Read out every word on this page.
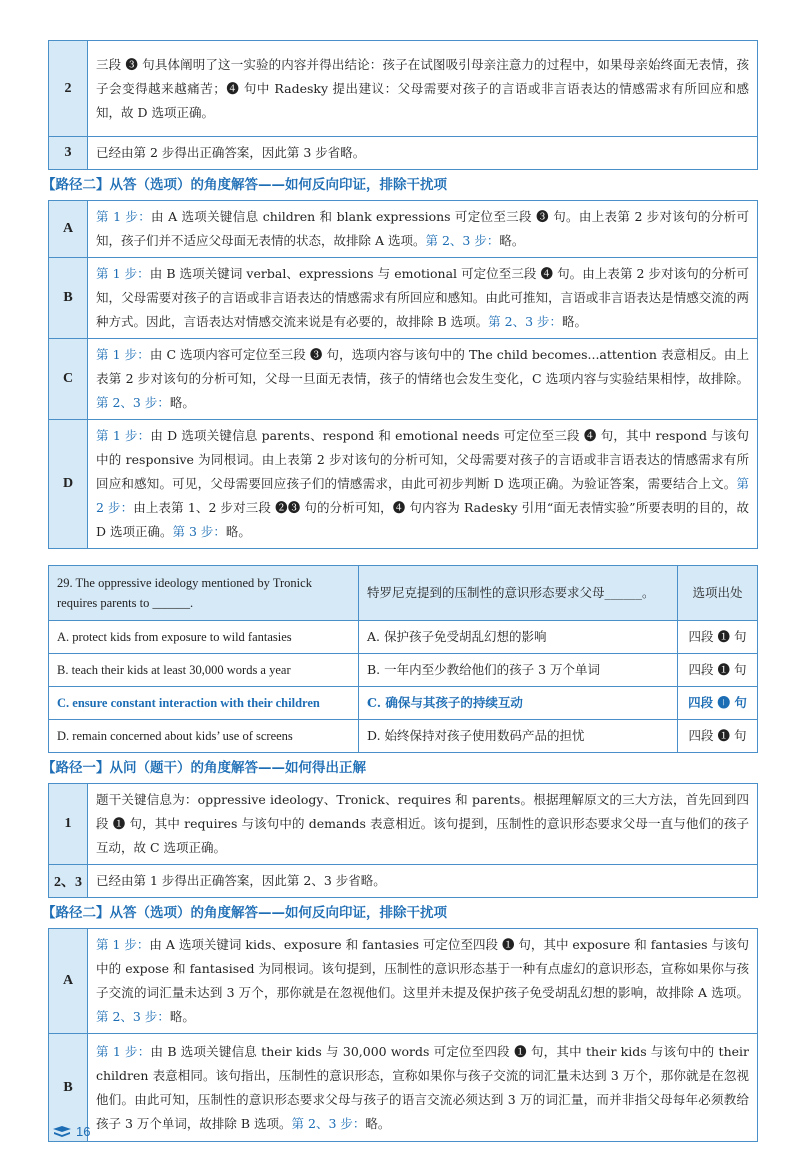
2	三段 ❸ 句具体阐明了这一实验的内容并得出结论：孩子在试图吸引母亲注意力的过程中，如果母亲始终面无表情，孩子会变得越来越痛苦；❹ 句中 Radesky 提出建议：父母需要对孩子的言语或非言语表达的情感需求有所回应和感知，故 D 选项正确。
3	已经由第 2 步得出正确答案，因此第 3 步省略。
【路径二】从答（选项）的角度解答——如何反向印证，排除干扰项
A	第 1 步：由 A 选项关键信息 children 和 blank expressions 可定位至三段 ❸ 句。由上表第 2 步对该句的分析可知，孩子们并不适应父母面无表情的状态，故排除 A 选项。第 2、3 步：略。
B	第 1 步：由 B 选项关键词 verbal、expressions 与 emotional 可定位至三段 ❹ 句。由上表第 2 步对该句的分析可知，父母需要对孩子的言语或非言语表达的情感需求有所回应和感知。由此可推知，言语或非言语表达是情感交流的两种方式。因此，言语表达对情感交流来说是有必要的，故排除 B 选项。第 2、3 步：略。
C	第 1 步：由 C 选项内容可定位至三段 ❸ 句，选项内容与该句中的 The child becomes...attention 表意相反。由上表第 2 步对该句的分析可知，父母一旦面无表情，孩子的情绪也会发生变化，C 选项内容与实验结果相悖，故排除。第 2、3 步：略。
D	第 1 步：由 D 选项关键信息 parents、respond 和 emotional needs 可定位至三段 ❹ 句，其中 respond 与该句中的 responsive 为同根词。由上表第 2 步对该句的分析可知，父母需要对孩子的言语或非言语表达的情感需求有所回应和感知。可见，父母需要回应孩子们的情感需求，由此可初步判断 D 选项正确。为验证答案，需要结合上文。第 2 步：由上表第 1、2 步对三段 ❷❸ 句的分析可知，❹ 句内容为 Radesky 引用“面无表情实验”所要表明的目的，故 D 选项正确。第 3 步：略。
29. The oppressive ideology mentioned by Tronick requires parents to ______.	特罗尼克提到的压制性的意识形态要求父母______。	选项出处
A. protect kids from exposure to wild fantasies	A. 保护孩子免受胡乱幻想的影响	四段 ❶ 句
B. teach their kids at least 30,000 words a year	B. 一年内至少教给他们的孩子 3 万个单词	四段 ❶ 句
C. ensure constant interaction with their children	C. 确保与其孩子的持续互动	四段 ❶ 句
D. remain concerned about kids’ use of screens	D. 始终保持对孩子使用数码产品的担忧	四段 ❶ 句
【路径一】从问（题干）的角度解答——如何得出正解
1	题干关键信息为：oppressive ideology、Tronick、requires 和 parents。根据理解原文的三大方法，首先回到四段 ❶ 句，其中 requires 与该句中的 demands 表意相近。该句提到，压制性的意识形态要求父母一直与他们的孩子互动，故 C 选项正确。
2、3	已经由第 1 步得出正确答案，因此第 2、3 步省略。
【路径二】从答（选项）的角度解答——如何反向印证，排除干扰项
A	第 1 步：由 A 选项关键词 kids、exposure 和 fantasies 可定位至四段 ❶ 句，其中 exposure 和 fantasies 与该句中的 expose 和 fantasised 为同根词。该句提到，压制性的意识形态基于一种有点虚幻的意识形态，宣称如果你与孩子交流的词汇量未达到 3 万个，那你就是在忽视他们。这里并未提及保护孩子免受胡乱幻想的影响，故排除 A 选项。第 2、3 步：略。
B	第 1 步：由 B 选项关键信息 their kids 与 30,000 words 可定位至四段 ❶ 句，其中 their kids 与该句中的 their children 表意相同。该句指出，压制性的意识形态，宣称如果你与孩子交流的词汇量未达到 3 万个，那你就是在忽视他们。由此可知，压制性的意识形态要求父母与孩子的语言交流必须达到 3 万的词汇量，而并非指父母每年必须教给孩子 3 万个单词，故排除 B 选项。第 2、3 步：略。
16
